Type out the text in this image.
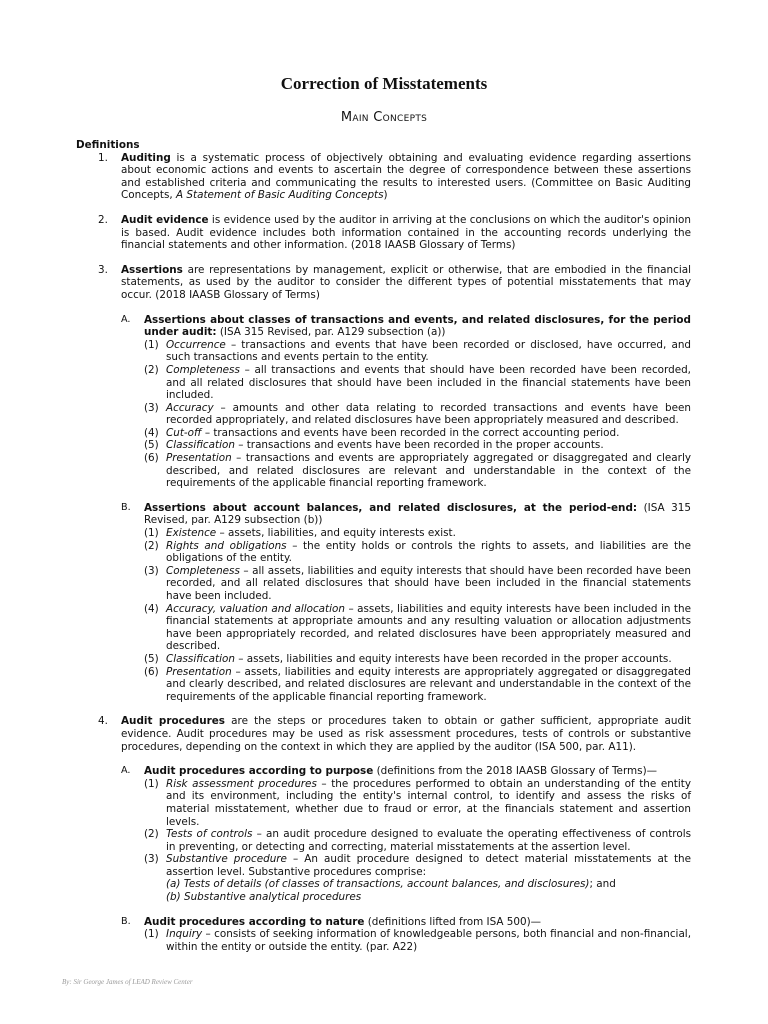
Correction of Misstatements
Main Concepts
Definitions
1. Auditing is a systematic process of objectively obtaining and evaluating evidence regarding assertions about economic actions and events to ascertain the degree of correspondence between these assertions and established criteria and communicating the results to interested users. (Committee on Basic Auditing Concepts, A Statement of Basic Auditing Concepts)
2. Audit evidence is evidence used by the auditor in arriving at the conclusions on which the auditor's opinion is based. Audit evidence includes both information contained in the accounting records underlying the financial statements and other information. (2018 IAASB Glossary of Terms)
3. Assertions are representations by management, explicit or otherwise, that are embodied in the financial statements, as used by the auditor to consider the different types of potential misstatements that may occur. (2018 IAASB Glossary of Terms)
A. Assertions about classes of transactions and events, and related disclosures, for the period under audit: (ISA 315 Revised, par. A129 subsection (a))
(1) Occurrence – transactions and events that have been recorded or disclosed, have occurred, and such transactions and events pertain to the entity.
(2) Completeness – all transactions and events that should have been recorded have been recorded, and all related disclosures that should have been included in the financial statements have been included.
(3) Accuracy – amounts and other data relating to recorded transactions and events have been recorded appropriately, and related disclosures have been appropriately measured and described.
(4) Cut-off – transactions and events have been recorded in the correct accounting period.
(5) Classification – transactions and events have been recorded in the proper accounts.
(6) Presentation – transactions and events are appropriately aggregated or disaggregated and clearly described, and related disclosures are relevant and understandable in the context of the requirements of the applicable financial reporting framework.
B. Assertions about account balances, and related disclosures, at the period-end: (ISA 315 Revised, par. A129 subsection (b))
(1) Existence – assets, liabilities, and equity interests exist.
(2) Rights and obligations – the entity holds or controls the rights to assets, and liabilities are the obligations of the entity.
(3) Completeness – all assets, liabilities and equity interests that should have been recorded have been recorded, and all related disclosures that should have been included in the financial statements have been included.
(4) Accuracy, valuation and allocation – assets, liabilities and equity interests have been included in the financial statements at appropriate amounts and any resulting valuation or allocation adjustments have been appropriately recorded, and related disclosures have been appropriately measured and described.
(5) Classification – assets, liabilities and equity interests have been recorded in the proper accounts.
(6) Presentation – assets, liabilities and equity interests are appropriately aggregated or disaggregated and clearly described, and related disclosures are relevant and understandable in the context of the requirements of the applicable financial reporting framework.
4. Audit procedures are the steps or procedures taken to obtain or gather sufficient, appropriate audit evidence. Audit procedures may be used as risk assessment procedures, tests of controls or substantive procedures, depending on the context in which they are applied by the auditor (ISA 500, par. A11).
A. Audit procedures according to purpose (definitions from the 2018 IAASB Glossary of Terms)—
(1) Risk assessment procedures – the procedures performed to obtain an understanding of the entity and its environment, including the entity's internal control, to identify and assess the risks of material misstatement, whether due to fraud or error, at the financials statement and assertion levels.
(2) Tests of controls – an audit procedure designed to evaluate the operating effectiveness of controls in preventing, or detecting and correcting, material misstatements at the assertion level.
(3) Substantive procedure – An audit procedure designed to detect material misstatements at the assertion level. Substantive procedures comprise:
(a) Tests of details (of classes of transactions, account balances, and disclosures); and
(b) Substantive analytical procedures
B. Audit procedures according to nature (definitions lifted from ISA 500)—
(1) Inquiry – consists of seeking information of knowledgeable persons, both financial and non-financial, within the entity or outside the entity. (par. A22)
By: Sir George James of LEAD Review Center
